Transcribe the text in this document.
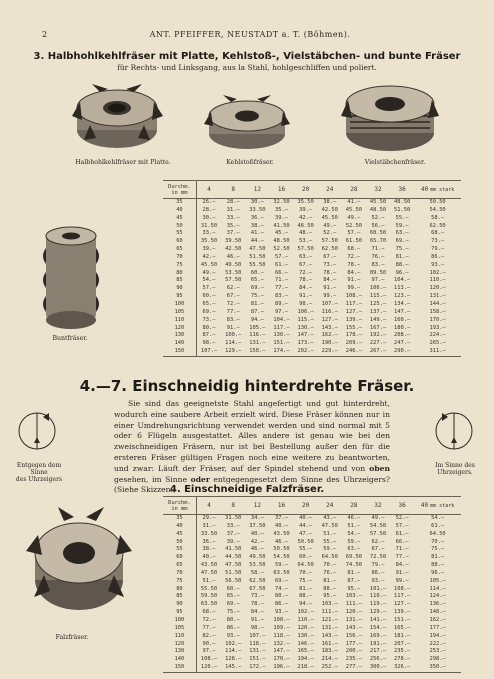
2	ANT. PFEIFFER, NEUSTADT a. T. (Böhmen).
3. Halbhohlkehlfräser mit Platte, Kehlstoß-, Vielstäbchen- und bunte Fräser
für Rechts- und Linksgang, aus la Stahl, hohlgeschliffen und poliert.
Halbhohlkehlfräser mit Platte.	Kehlstoßfräser.	Vielstäbchenfräser.
Buntfräser.
Durchm.
in mm	4	8	12	16	20	24	28	32	36	40 mm stark
35	26.—	28.—	30.—	32.50	35.50	38.—	41.—	45.50	48.50	50.50
40	28.—	31.—	33.50	35.—	39.—	42.50	45.50	48.50	51.50	54.50
45	30.—	33.—	36.—	39.—	42.—	45.50	49.—	52.—	55.—	58.—
50	31.50	35.—	38.—	41.50	46.50	49.—	52.50	56.—	59.—	62.50
55	33.—	37.—	41.—	45.—	48.—	52.—	57.—	60.50	63.—	68.—
60	35.50	39.50	44.—	48.50	53.—	57.50	61.50	65.70	69.—	73.—
65	39.—	42.50	47.50	52.50	57.50	62.50	68.—	71.—	75.—	79.—
70	42.—	46.—	51.50	57.—	63.—	67.—	72.—	76.—	81.—	86.—
75	45.50	49.50	55.50	61.—	67.—	73.—	78.—	83.—	88.—	93.—
80	49.—	53.50	60.—	66.—	72.—	78.—	84.—	89.50	96.—	102.—
85	54.—	57.50	65.—	71.—	78.—	84.—	91.—	97.—	104.—	110.—
90	57.—	62.—	69.—	77.—	84.—	91.—	99.—	106.—	113.—	120.—
95	60.—	67.—	75.—	83.—	91.—	99.—	108.—	115.—	123.—	131.—
100	65.—	72.—	81.—	89.—	98.—	107.—	117.—	125.—	134.—	144.—
105	69.—	77.—	87.—	97.—	106.—	116.—	127.—	137.—	147.—	158.—
110	73.—	83.—	94.—	104.—	115.—	127.—	139.—	149.—	160.—	170.—
120	80.—	91.—	105.—	117.—	130.—	143.—	155.—	167.—	180.—	193.—
130	87.—	100.—	116.—	130.—	147.—	162.—	178.—	192.—	208.—	224.—
140	98.—	114.—	131.—	151.—	173.—	190.—	209.—	227.—	247.—	265.—
150	107.—	129.—	150.—	174.—	202.—	229.—	246.—	267.—	290.—	311.—
4.—7. Einschneidig hinterdrehte Fräser.
Entgegen dem Sinne
des Uhrzeigers
Im Sinne des
Uhrzeigers.

Sie sind das geeignetste Stahl angefertigt und gut hinterdreht, wodurch eine saubere Arbeit erzielt wird. Diese Fräser können nur in einer Umdrehungsrichtung verwendet werden und sind normal mit 5 oder 6 Flügeln ausgestattet. Alles andere ist genau wie bei den zweischneidigen Fräsern, nur ist bei Bestellung außer den für die ersteren Fräser gültigen Fragen noch eine weitere zu beantworten, und zwar: Läuft der Fräser, auf der Spindel stehend und von oben gesehen, im Sinne oder entgegengesetzt dem Sinne des Uhrzeigers? (Siehe Skizzen.)

4. Einschneidige Falzfräser.
Falzfräser.
Durchm.
in mm	4	8	12	16	20	24	28	32	36	40 mm stark
35	29.—	31.50	34.—	37.—	40.—	43.—	46.—	49.—	52.—	54.—
40	31.—	33.—	37.50	40.—	44.—	47.50	51.—	54.50	57.—	61.—
45	33.50	37.—	40.—	43.50	47.—	51.—	54.—	57.50	61.—	64.50
50	36.—	39.—	42.—	46.—	50.50	55.—	59.—	62.—	66.—	70.—
55	38.—	41.50	46.—	50.50	55.—	59.—	63.—	67.—	71.—	75.—
60	40.—	44.50	49.50	54.50	60.—	64.50	69.50	72.50	77.—	81.—
65	43.50	47.50	53.50	59.—	64.50	70.—	74.50	79.—	84.—	88.—
70	47.50	51.50	58.—	63.50	70.—	76.—	81.—	86.—	91.—	96.—
75	51.—	56.50	62.50	69.—	75.—	81.—	87.—	93.—	99.—	105.—
80	55.50	60.—	67.50	74.—	81.—	88.—	95.—	101.—	108.—	114.—
85	59.50	65.—	73.—	80.—	88.—	95.—	103.—	110.—	117.—	124.—
90	63.50	69.—	78.—	86.—	94.—	103.—	111.—	119.—	127.—	136.—
95	68.—	75.—	84.—	93.—	102.—	111.—	120.—	129.—	139.—	148.—
100	72.—	80.—	91.—	100.—	110.—	121.—	131.—	141.—	151.—	162.—
105	77.—	86.—	98.—	109.—	120.—	131.—	143.—	154.—	165.—	177.—
110	82.—	93.—	107.—	118.—	130.—	143.—	156.—	169.—	181.—	194.—
120	90.—	102.—	118.—	132.—	146.—	161.—	177.—	191.—	207.—	222.—
130	97.—	114.—	131.—	147.—	165.—	183.—	200.—	217.—	235.—	253.—
140	108.—	128.—	151.—	170.—	194.—	214.—	235.—	256.—	278.—	298.—
150	120.—	145.—	172.—	196.—	218.—	252.—	277.—	300.—	326.—	350.—
